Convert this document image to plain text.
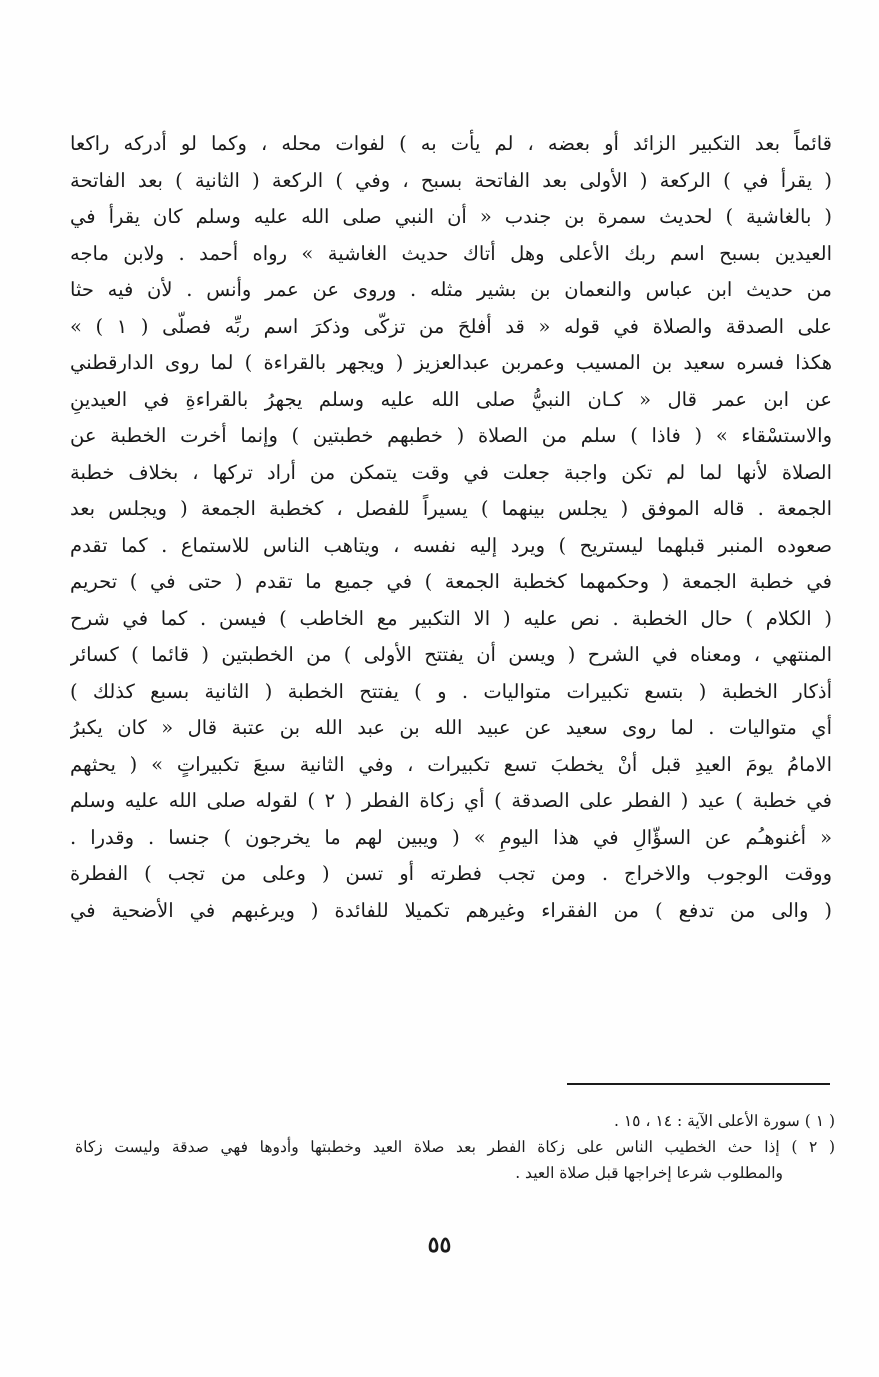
قائماً بعد التكبير الزائد أو بعضه ، لم يأت به ) لفوات محله ، وكما لو أدركه راكعا
( يقرأ في ) الركعة ( الأولى بعد الفاتحة بسبح ، وفي ) الركعة ( الثانية ) بعد الفاتحة
( بالغاشية ) لحديث سمرة بن جندب « أن النبي صلى الله عليه وسلم كان يقرأ في
العيدين بسبح اسم ربك الأعلى وهل أتاك حديث الغاشية » رواه أحمد . ولابن ماجه
من حديث ابن عباس والنعمان بن بشير مثله . وروى عن عمر وأنس . لأن فيه حثا
على الصدقة والصلاة في قوله « قد أفلحَ من تزكّى وذكرَ اسم ربِّه فصلّى ( ١ ) »
هكذا فسره سعيد بن المسيب وعمربن عبدالعزيز ( ويجهر بالقراءة ) لما روى الدارقطني
عن ابن عمر قال « كـان النبيُّ صلى الله عليه وسلم يجهرُ بالقراءةِ في العيدينِ
والاستسْقاء » ( فاذا ) سلم من الصلاة ( خطبهم خطبتين ) وإنما أخرت الخطبة عن
الصلاة لأنها لما لم تكن واجبة جعلت في وقت يتمكن من أراد تركها ، بخلاف خطبة
الجمعة . قاله الموفق ( يجلس بينهما ) يسيراً للفصل ، كخطبة الجمعة ( ويجلس بعد
صعوده المنبر قبلهما ليستريح ) ويرد إليه نفسه ، ويتاهب الناس للاستماع . كما تقدم
في خطبة الجمعة ( وحكمهما كخطبة الجمعة ) في جميع ما تقدم ( حتى في ) تحريم
( الكلام ) حال الخطبة . نص عليه ( الا التكبير مع الخاطب ) فيسن . كما في شرح
المنتهي ، ومعناه في الشرح ( ويسن أن يفتتح الأولى ) من الخطبتين ( قائما ) كسائر
أذكار الخطبة ( بتسع تكبيرات متواليات . و ) يفتتح الخطبة ( الثانية بسبع كذلك )
أي متواليات . لما روى سعيد عن عبيد الله بن عبد الله بن عتبة قال « كان يكبرُ
الامامُ يومَ العيدِ قبل أنْ يخطبَ تسع تكبيرات ، وفي الثانية سبعَ تكبيراتٍ » ( يحثهم
في خطبة ) عيد ( الفطر على الصدقة ) أي زكاة الفطر ( ٢ ) لقوله صلى الله عليه وسلم
« أغنوهـُم عن السؤّالِ في هذا اليومِ » ( ويبين لهم ما يخرجون ) جنسا . وقدرا .
ووقت الوجوب والاخراج . ومن تجب فطرته أو تسن ( وعلى من تجب ) الفطرة
( والى من تدفع ) من الفقراء وغيرهم تكميلا للفائدة ( ويرغبهم في الأضحية في
( ١ ) سورة الأعلى الآية : ١٤ ، ١٥ .
( ٢ ) إذا حث الخطيب الناس على زكاة الفطر بعد صلاة العيد وخطبتها وأدوها فهي صدقة وليست زكاة
والمطلوب شرعا إخراجها قبل صلاة العيد .
٥٥
